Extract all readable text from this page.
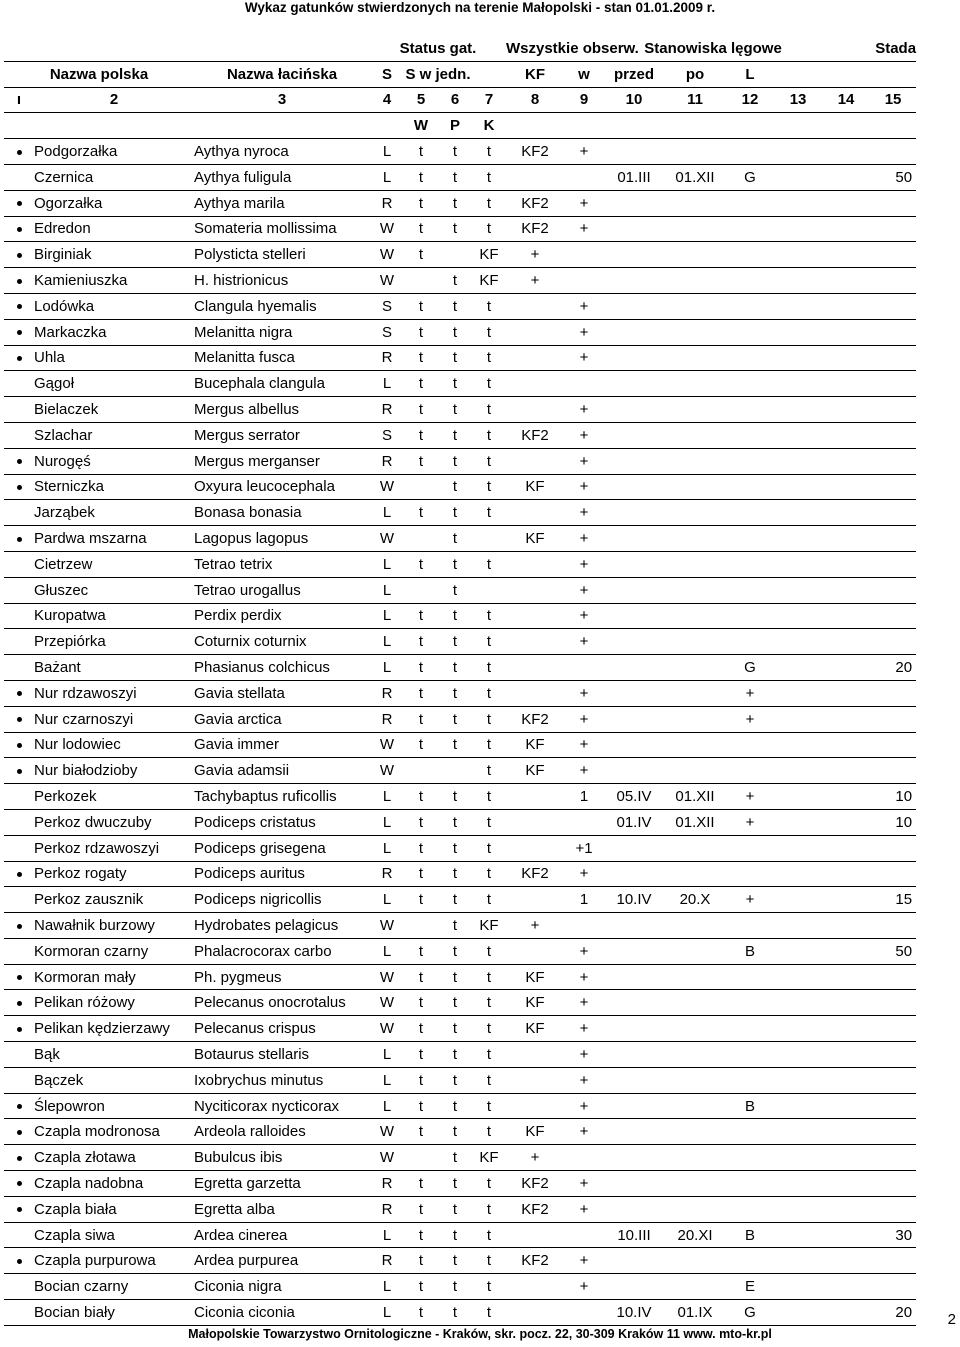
Wykaz gatunków stwierdzonych na terenie Małopolski - stan 01.01.2009 r.
			Status gat.				Wszystkie obserw.		Stanowiska lęgowe				Stada	
Nazwa polska		Nazwa łacińska	S	S w jedn.			KF	w	przed	po	L			
ı	2	3	4	5	6	7	8	9	10	11	12	13	14	15
				W	P	K								
	Podgorzałka	Aythya nyroca	L	t	t	t	KF2	+						
	Czernica	Aythya fuligula	L	t	t	t			01.III	01.XII	G			50
	Ogorzałka	Aythya marila	R	t	t	t	KF2	+						
	Edredon	Somateria mollissima	W	t	t	t	KF2	+						
	Birginiak	Polysticta stelleri	W	t		KF	+							
	Kamieniuszka	H. histrionicus	W		t	KF	+							
	Lodówka	Clangula hyemalis	S	t	t	t		+						
	Markaczka	Melanitta nigra	S	t	t	t		+						
	Uhla	Melanitta fusca	R	t	t	t		+						
	Gągoł	Bucephala clangula	L	t	t	t								
	Bielaczek	Mergus albellus	R	t	t	t		+						
	Szlachar	Mergus serrator	S	t	t	t	KF2	+						
	Nurogęś	Mergus merganser	R	t	t	t		+						
	Sterniczka	Oxyura leucocephala	W		t	t	KF	+						
	Jarząbek	Bonasa bonasia	L	t	t	t		+						
	Pardwa mszarna	Lagopus lagopus	W		t		KF	+						
	Cietrzew	Tetrao tetrix	L	t	t	t		+						
	Głuszec	Tetrao urogallus	L		t			+						
	Kuropatwa	Perdix perdix	L	t	t	t		+						
	Przepiórka	Coturnix coturnix	L	t	t	t		+						
	Bażant	Phasianus colchicus	L	t	t	t					G			20
	Nur rdzawoszyi	Gavia stellata	R	t	t	t		+			+			
	Nur czarnoszyi	Gavia arctica	R	t	t	t	KF2	+			+			
	Nur lodowiec	Gavia immer	W	t	t	t	KF	+						
	Nur białodzioby	Gavia adamsii	W			t	KF	+						
	Perkozek	Tachybaptus ruficollis	L	t	t	t		1	05.IV	01.XII	+			10
	Perkoz dwuczuby	Podiceps cristatus	L	t	t	t			01.IV	01.XII	+			10
	Perkoz rdzawoszyi	Podiceps grisegena	L	t	t	t		+1						
	Perkoz rogaty	Podiceps auritus	R	t	t	t	KF2	+						
	Perkoz zausznik	Podiceps nigricollis	L	t	t	t		1	10.IV	20.X	+			15
	Nawałnik burzowy	Hydrobates pelagicus	W		t	KF	+							
	Kormoran czarny	Phalacrocorax carbo	L	t	t	t		+			B			50
	Kormoran mały	Ph. pygmeus	W	t	t	t	KF	+						
	Pelikan różowy	Pelecanus onocrotalus	W	t	t	t	KF	+						
	Pelikan kędzierzawy	Pelecanus crispus	W	t	t	t	KF	+						
	Bąk	Botaurus stellaris	L	t	t	t		+						
	Bączek	Ixobrychus minutus	L	t	t	t		+						
	Ślepowron	Nyciticorax nycticorax	L	t	t	t		+			B			
	Czapla modronosa	Ardeola ralloides	W	t	t	t	KF	+						
	Czapla złotawa	Bubulcus ibis	W		t	KF	+							
	Czapla nadobna	Egretta garzetta	R	t	t	t	KF2	+						
	Czapla biała	Egretta alba	R	t	t	t	KF2	+						
	Czapla siwa	Ardea cinerea	L	t	t	t			10.III	20.XI	B			30
	Czapla purpurowa	Ardea purpurea	R	t	t	t	KF2	+						
	Bocian czarny	Ciconia nigra	L	t	t	t		+			E			
	Bocian biały	Ciconia ciconia	L	t	t	t			10.IV	01.IX	G			20 2
Małopolskie Towarzystwo Ornitologiczne - Kraków, skr. pocz. 22, 30-309 Kraków 11 www. mto-kr.pl
